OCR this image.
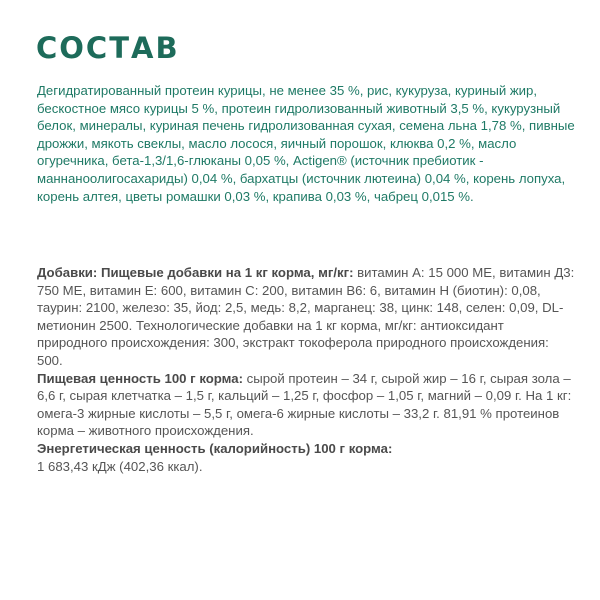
СОСТАВ

Дегидратированный протеин курицы, не менее 35 %, рис, кукуруза, куриный жир, бескостное мясо курицы 5 %, протеин гидролизованный животный 3,5 %, кукурузный белок, минералы, куриная печень гидролизованная сухая, семена льна 1,78 %, пивные дрожжи, мякоть свеклы, масло лосося, яичный порошок, клюква 0,2 %, масло огуречника, бета-1,3/1,6-глюканы 0,05 %, Actigen® (источник пребиотик - маннаноолигосахариды) 0,04 %, бархатцы (источник лютеина) 0,04 %, корень лопуха, корень алтея, цветы ромашки 0,03 %, крапива 0,03 %, чабрец 0,015 %.

Добавки: Пищевые добавки на 1 кг корма, мг/кг: витамин A: 15 000 МЕ, витамин Д3: 750 МЕ, витамин Е: 600, витамин С: 200, витамин В6: 6, витамин Н (биотин): 0,08, таурин: 2100, железо: 35, йод: 2,5, медь: 8,2, марганец: 38, цинк: 148, селен: 0,09, DL-метионин 2500. Технологические добавки на 1 кг корма, мг/кг: антиоксидант природного происхождения: 300, экстракт токоферола природного происхождения: 500.

Пищевая ценность 100 г корма: сырой протеин – 34 г, сырой жир – 16 г, сырая зола – 6,6 г, сырая клетчатка – 1,5 г, кальций – 1,25 г, фосфор – 1,05 г, магний – 0,09 г. На 1 кг: омега-3 жирные кислоты – 5,5 г, омега-6 жирные кислоты – 33,2 г. 81,91 % протеинов корма – животного происхождения.

Энергетическая ценность (калорийность) 100 г корма:

1 683,43 кДж (402,36 ккал).
